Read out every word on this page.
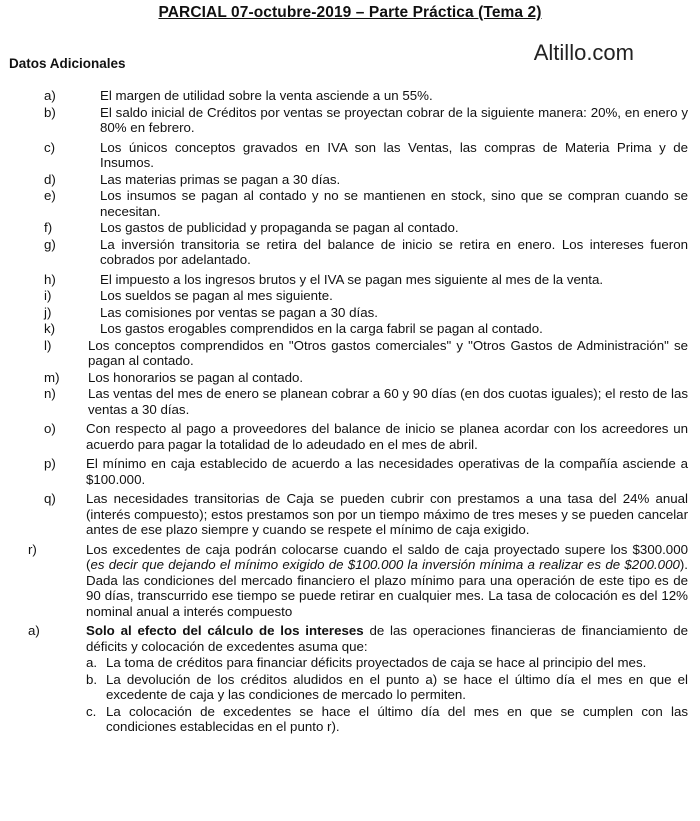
PARCIAL 07-octubre-2019 – Parte Práctica (Tema 2)
Altillo.com
Datos Adicionales
a)	El margen de utilidad sobre la venta asciende a un 55%.
b)	El saldo inicial de Créditos por ventas se proyectan cobrar de la siguiente manera: 20%, en enero y 80% en febrero.
c)	Los únicos conceptos gravados en IVA son las Ventas, las compras de Materia Prima y de Insumos.
d)	Las materias primas se pagan a 30 días.
e)	Los insumos se pagan al contado y no se mantienen en stock, sino que se compran cuando se necesitan.
f)	Los gastos de publicidad y propaganda se pagan al contado.
g)	La inversión transitoria se retira del balance de inicio se retira en enero. Los intereses fueron cobrados por adelantado.
h)	El impuesto a los ingresos brutos y el IVA se pagan mes siguiente al mes de la venta.
i)	Los sueldos se pagan al mes siguiente.
j)	Las comisiones por ventas se pagan a 30 días.
k)	Los gastos erogables comprendidos en la carga fabril se pagan al contado.
l)	Los conceptos comprendidos en "Otros gastos comerciales" y "Otros Gastos de Administración" se pagan al contado.
m) Los honorarios se pagan al contado.
n) Las ventas del mes de enero se planean cobrar a 60 y 90 días (en dos cuotas iguales); el resto de las ventas a 30 días.
o) Con respecto al pago a proveedores del balance de inicio se planea acordar con los acreedores un acuerdo para pagar la totalidad de lo adeudado en el mes de abril.
p) El mínimo en caja establecido de acuerdo a las necesidades operativas de la compañía asciende a $100.000.
q) Las necesidades transitorias de Caja se pueden cubrir con prestamos a una tasa del 24% anual (interés compuesto); estos prestamos son por un tiempo máximo de tres meses y se pueden cancelar antes de ese plazo siempre y cuando se respete el mínimo de caja exigido.
r)	Los excedentes de caja podrán colocarse cuando el saldo de caja proyectado supere los $300.000 (es decir que dejando el mínimo exigido de $100.000 la inversión mínima a realizar es de $200.000). Dada las condiciones del mercado financiero el plazo mínimo para una operación de este tipo es de 90 días, transcurrido ese tiempo se puede retirar en cualquier mes. La tasa de colocación es del 12% nominal anual a interés compuesto
a)	Solo al efecto del cálculo de los intereses de las operaciones financieras de financiamiento de déficits y colocación de excedentes asuma que:
a. La toma de créditos para financiar déficits proyectados de caja se hace al principio del mes.
b. La devolución de los créditos aludidos en el punto a) se hace el último día el mes en que el excedente de caja y las condiciones de mercado lo permiten.
c. La colocación de excedentes se hace el último día del mes en que se cumplen con las condiciones establecidas en el punto r).
